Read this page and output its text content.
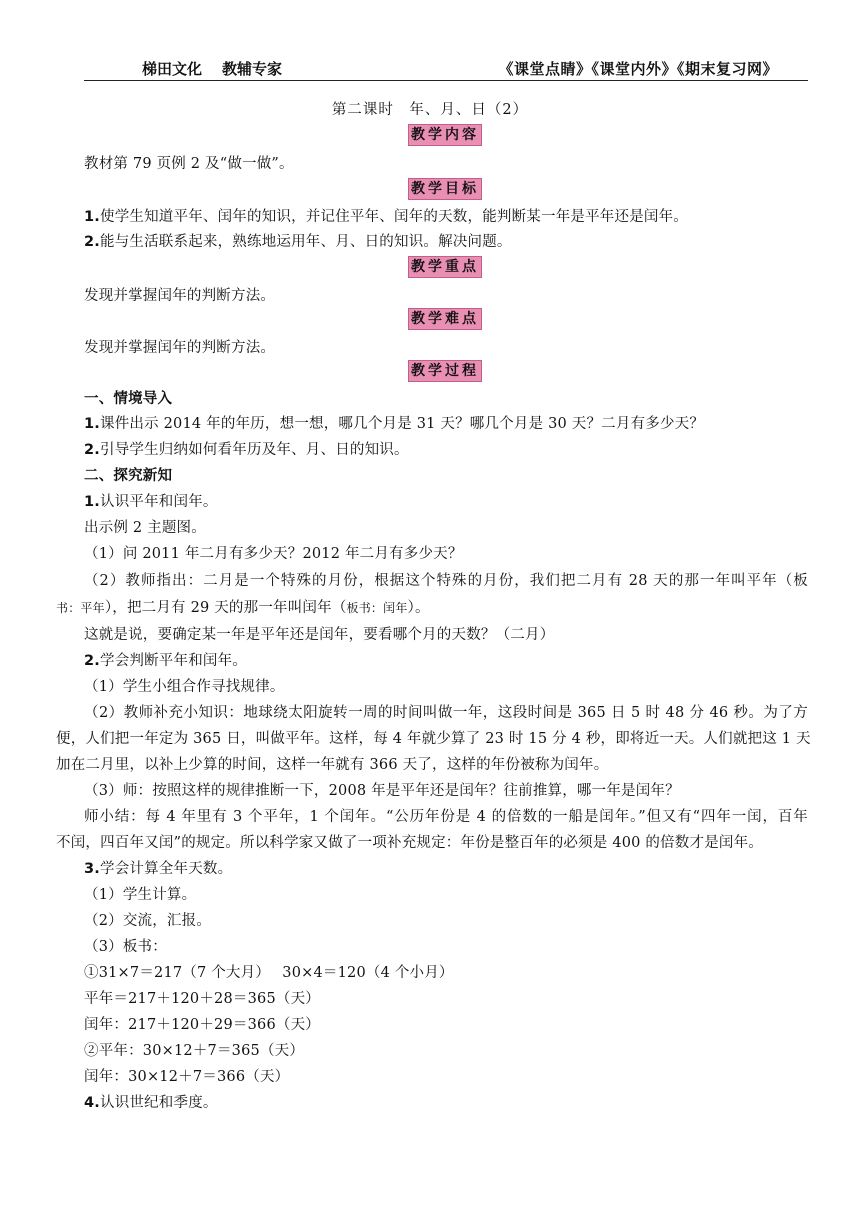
梯田文化 教辅专家	《课堂点睛》《课堂内外》《期末复习网》
第二课时　年、月、日（2）
教学内容
教材第 79 页例 2 及“做一做”。
教学目标
1.使学生知道平年、闰年的知识，并记住平年、闰年的天数，能判断某一年是平年还是闰年。
2.能与生活联系起来，熟练地运用年、月、日的知识。解决问题。
教学重点
发现并掌握闰年的判断方法。
教学难点
发现并掌握闰年的判断方法。
教学过程
一、情境导入
1.课件出示 2014 年的年历，想一想，哪几个月是 31 天？哪几个月是 30 天？二月有多少天？
2.引导学生归纳如何看年历及年、月、日的知识。
二、探究新知
1.认识平年和闰年。
出示例 2 主题图。
（1）问 2011 年二月有多少天？2012 年二月有多少天？
（2）教师指出：二月是一个特殊的月份，根据这个特殊的月份，我们把二月有 28 天的那一年叫平年（板
书：平年），把二月有 29 天的那一年叫闰年（板书：闰年）。
这就是说，要确定某一年是平年还是闰年，要看哪个月的天数？（二月）
2.学会判断平年和闰年。
（1）学生小组合作寻找规律。
（2）教师补充小知识：地球绕太阳旋转一周的时间叫做一年，这段时间是 365 日 5 时 48 分 46 秒。为了方
便，人们把一年定为 365 日，叫做平年。这样，每 4 年就少算了 23 时 15 分 4 秒，即将近一天。人们就把这 1 天
加在二月里，以补上少算的时间，这样一年就有 366 天了，这样的年份被称为闰年。
（3）师：按照这样的规律推断一下，2008 年是平年还是闰年？往前推算，哪一年是闰年？
师小结：每 4 年里有 3 个平年，1 个闰年。“公历年份是 4 的倍数的一船是闰年。”但又有“四年一闰，百年
不闰，四百年又闰”的规定。所以科学家又做了一项补充规定：年份是整百年的必须是 400 的倍数才是闰年。
3.学会计算全年天数。
（1）学生计算。
（2）交流，汇报。
（3）板书：
①31×7＝217（7 个大月）　 30×4＝120（4 个小月）
平年＝217＋120＋28＝365（天）
闰年：217＋120＋29＝366（天）
②平年：30×12＋7＝365（天）
闰年：30×12＋7＝366（天）
4.认识世纪和季度。
